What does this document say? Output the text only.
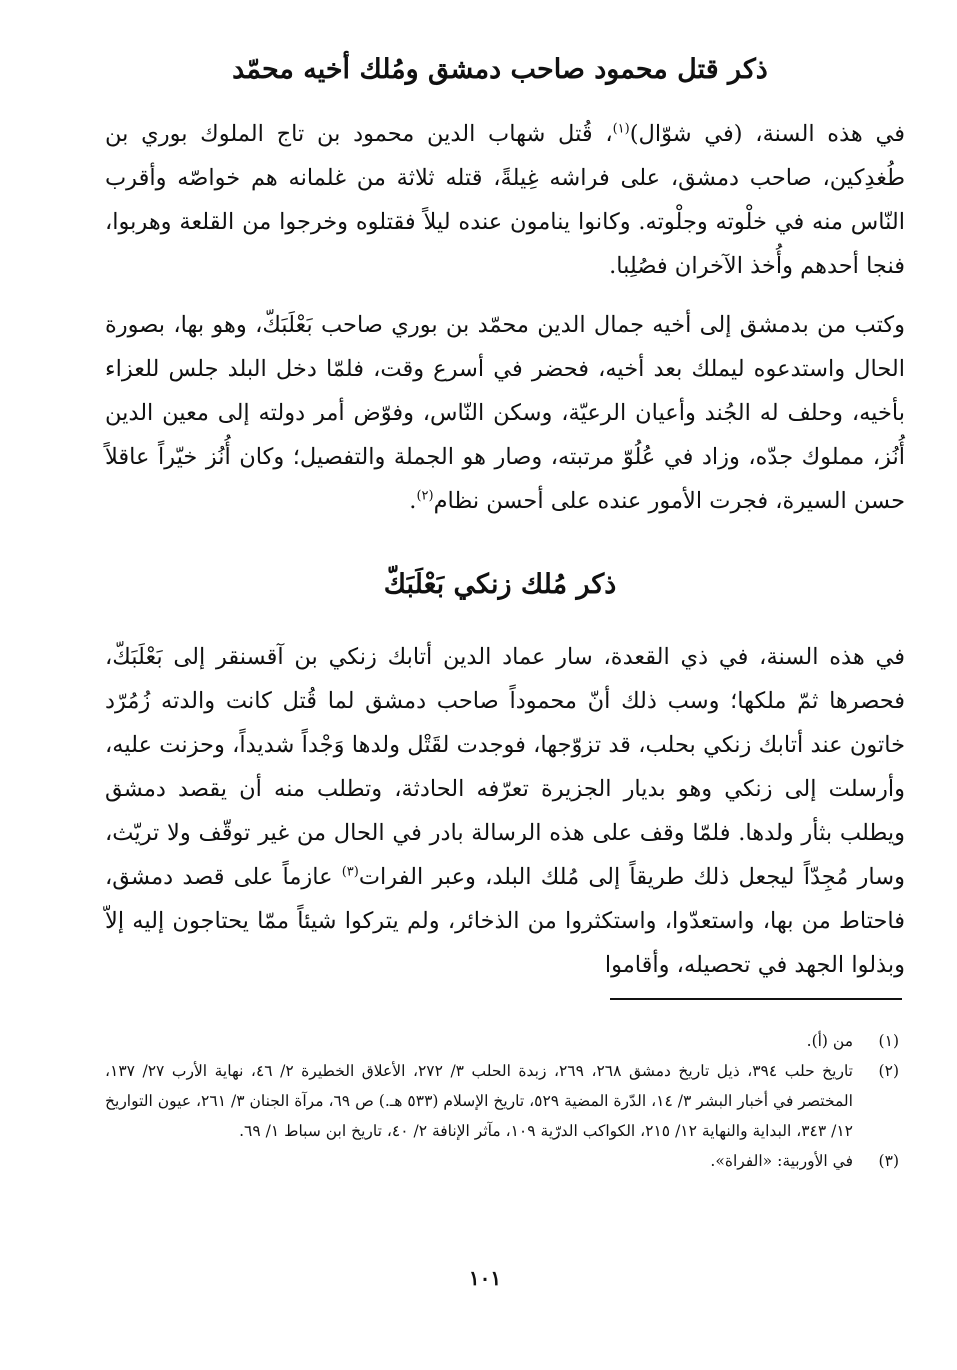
ذكر قتل محمود صاحب دمشق ومُلك أخيه محمّد

في هذه السنة، (في شوّال)$^{(١)}$، قُتل شهاب الدين محمود بن تاج الملوك بوري بن طُغدِكين، صاحب دمشق، على فراشه غِيلةً، قتله ثلاثة من غلمانه هم خواصّه وأقرب النّاس منه في خلْوته وجلْوته. وكانوا ينامون عنده ليلاً فقتلوه وخرجوا من القلعة وهربوا، فنجا أحدهم وأُخذ الآخران فصُلِبا.

وكتب من بدمشق إلى أخيه جمال الدين محمّد بن بوري صاحب بَعْلَبَكّ، وهو بها، بصورة الحال واستدعوه ليملك بعد أخيه، فحضر في أسرع وقت، فلمّا دخل البلد جلس للعزاء بأخيه، وحلف له الجُند وأعيان الرعيّة، وسكن النّاس، وفوّض أمر دولته إلى معين الدين أُنُز، مملوك جدّه، وزاد في عُلُوّ مرتبته، وصار هو الجملة والتفصيل؛ وكان أُنُز خيّراً عاقلاً حسن السيرة، فجرت الأمور عنده على أحسن نظام$^{(٢)}$.

ذكر مُلك زنكي بَعْلَبَكّ

في هذه السنة، في ذي القعدة، سار عماد الدين أتابك زنكي بن آقسنقر إلى بَعْلَبَكّ، فحصرها ثمّ ملكها؛ وسب ذلك أنّ محموداً صاحب دمشق لما قُتل كانت والدته زُمُرّد خاتون عند أتابك زنكي بحلب، قد تزوّجها، فوجدت لقَتْل ولدها وَجْداً شديداً، وحزنت عليه، وأرسلت إلى زنكي وهو بديار الجزيرة تعرّفه الحادثة، وتطلب منه أن يقصد دمشق ويطلب بثأر ولدها. فلمّا وقف على هذه الرسالة بادر في الحال من غير توقّف ولا تريّث، وسار مُجِدّاً ليجعل ذلك طريقاً إلى مُلك البلد، وعبر الفرات$^{(٣)}$ عازماً على قصد دمشق، فاحتاط من بها، واستعدّوا، واستكثروا من الذخائر، ولم يتركوا شيئاً ممّا يحتاجون إليه إلاّ وبذلوا الجهد في تحصيله، وأقاموا

(١)
من (أ).
(٢)
تاريخ حلب ٣٩٤، ذيل تاريخ دمشق ٢٦٨، ٢٦٩، زبدة الحلب ٣/ ٢٧٢، الأعلاق الخطيرة ٢/ ٤٦، نهاية الأرب ٢٧/ ١٣٧، المختصر في أخبار البشر ٣/ ١٤، الدّرة المضية ٥٢٩، تاريخ الإسلام (٥٣٣ هـ.) ص ٦٩، مرآة الجنان ٣/ ٢٦١، عيون التواريخ ١٢/ ٣٤٣، البداية والنهاية ١٢/ ٢١٥، الكواكب الدرّية ١٠٩، مآثر الإنافة ٢/ ٤٠، تاريخ ابن سباط ١/ ٦٩.
(٣)
في الأوربية: «الفراة».
١٠١
